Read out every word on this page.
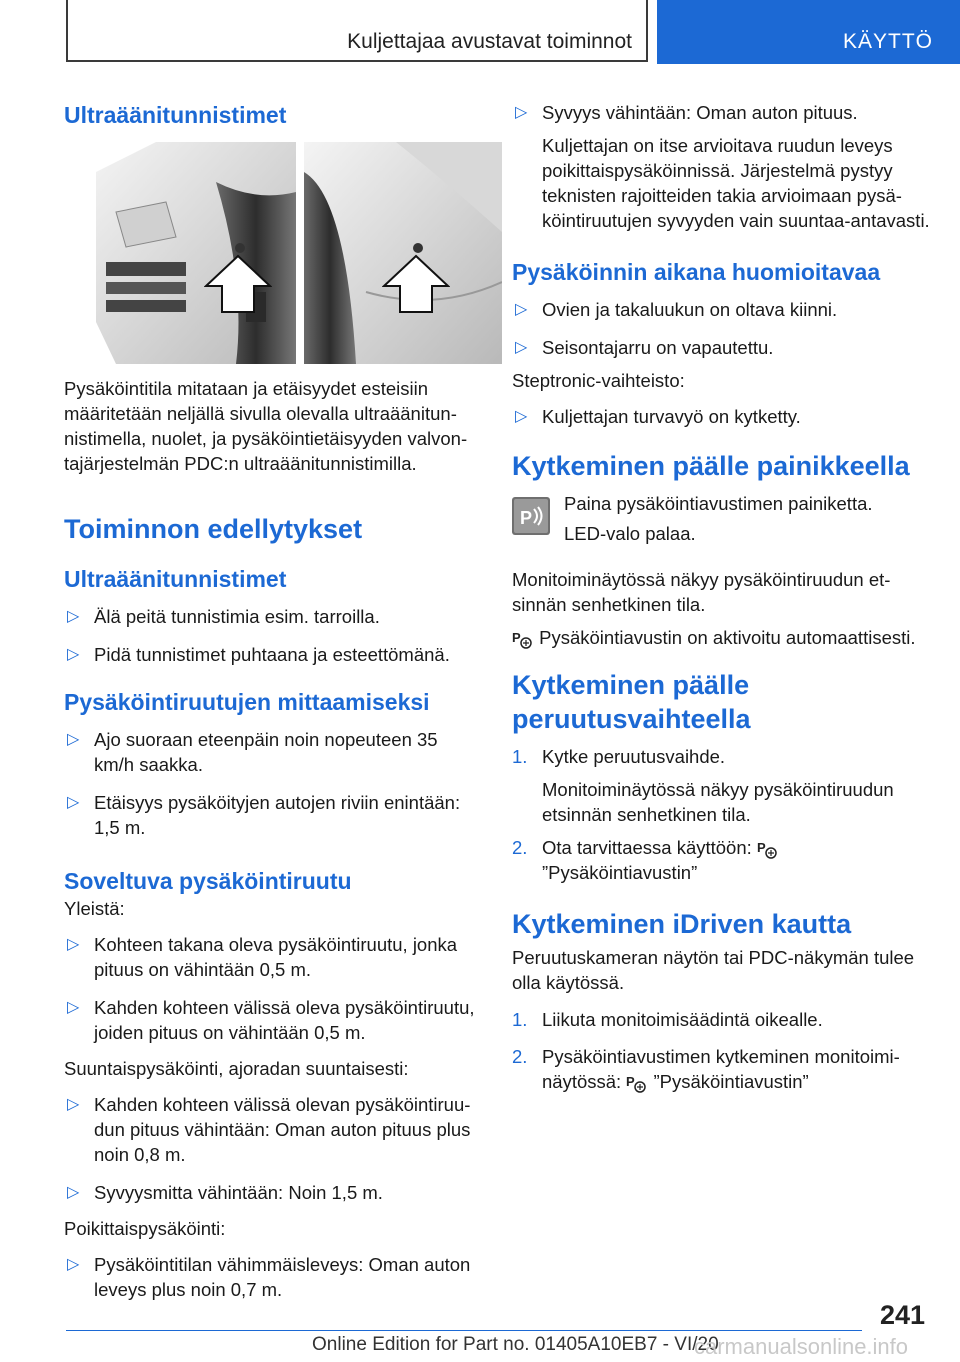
Kuljettajaa avustavat toiminnot	KÄYTTÖ
Ultraäänitunnistimet

Pysäköintitila mitataan ja etäisyydet esteisiin määritetään neljällä sivulla olevalla ultraäänitunnistimella, nuolet, ja pysäköintietäisyyden valvontajärjestelmän PDC:n ultraäänitunnistimilla.

Toiminnon edellytykset
Ultraäänitunnistimet
▷ Älä peitä tunnistimia esim. tarroilla.
▷ Pidä tunnistimet puhtaana ja esteettömänä.
Pysäköintiruutujen mittaamiseksi
▷ Ajo suoraan eteenpäin noin nopeuteen 35 km/h saakka.
▷ Etäisyys pysäköityjen autojen riviin enintään: 1,5 m.
Soveltuva pysäköintiruutu

Yleistä:

▷ Kohteen takana oleva pysäköintiruutu, jonka pituus on vähintään 0,5 m.
▷ Kahden kohteen välissä oleva pysäköintiruutu, joiden pituus on vähintään 0,5 m.

Suuntaispysäköinti, ajoradan suuntaisesti:

▷ Kahden kohteen välissä olevan pysäköintiruudun pituus vähintään: Oman auton pituus plus noin 0,8 m.
▷ Syvyysmitta vähintään: Noin 1,5 m.

Poikittaispysäköinti:

▷ Pysäköintitilan vähimmäisleveys: Oman auton leveys plus noin 0,7 m.
▷ Syvyys vähintään: Oman auton pituus.

Kuljettajan on itse arvioitava ruudun leveys poikittaispysäköinnissä. Järjestelmä pystyy teknisten rajoitteiden takia arvioimaan pysäköintiruutujen syvyyden vain suuntaa-antavasti.

Pysäköinnin aikana huomioitavaa
▷ Ovien ja takaluukun on oltava kiinni.
▷ Seisontajarru on vapautettu.

Steptronic-vaihteisto:

▷ Kuljettajan turvavyö on kytketty.
Kytkeminen päälle painikkeella
P

Paina pysäköintiavustimen painiketta.

LED-valo palaa.

Monitoiminäytössä näkyy pysäköintiruudun etsinnän senhetkinen tila.

P Pysäköintiavustin on aktivoitu automaattisesti.

Kytkeminen päälle peruutusvaihteella
1. Kytke peruutusvaihde.

Monitoiminäytössä näkyy pysäköintiruudun etsinnän senhetkinen tila.

2. Ota tarvittaessa käyttöön: P

”Pysäköintiavustin”

Kytkeminen iDriven kautta

Peruutuskameran näytön tai PDC-näkymän tulee olla käytössä.

1. Liikuta monitoimisäädintä oikealle.
2. Pysäköintiavustimen kytkeminen monitoiminäytössä: P ”Pysäköintiavustin”
241
Online Edition for Part no. 01405A10EB7 - VI/20
carmanualsonline.info
